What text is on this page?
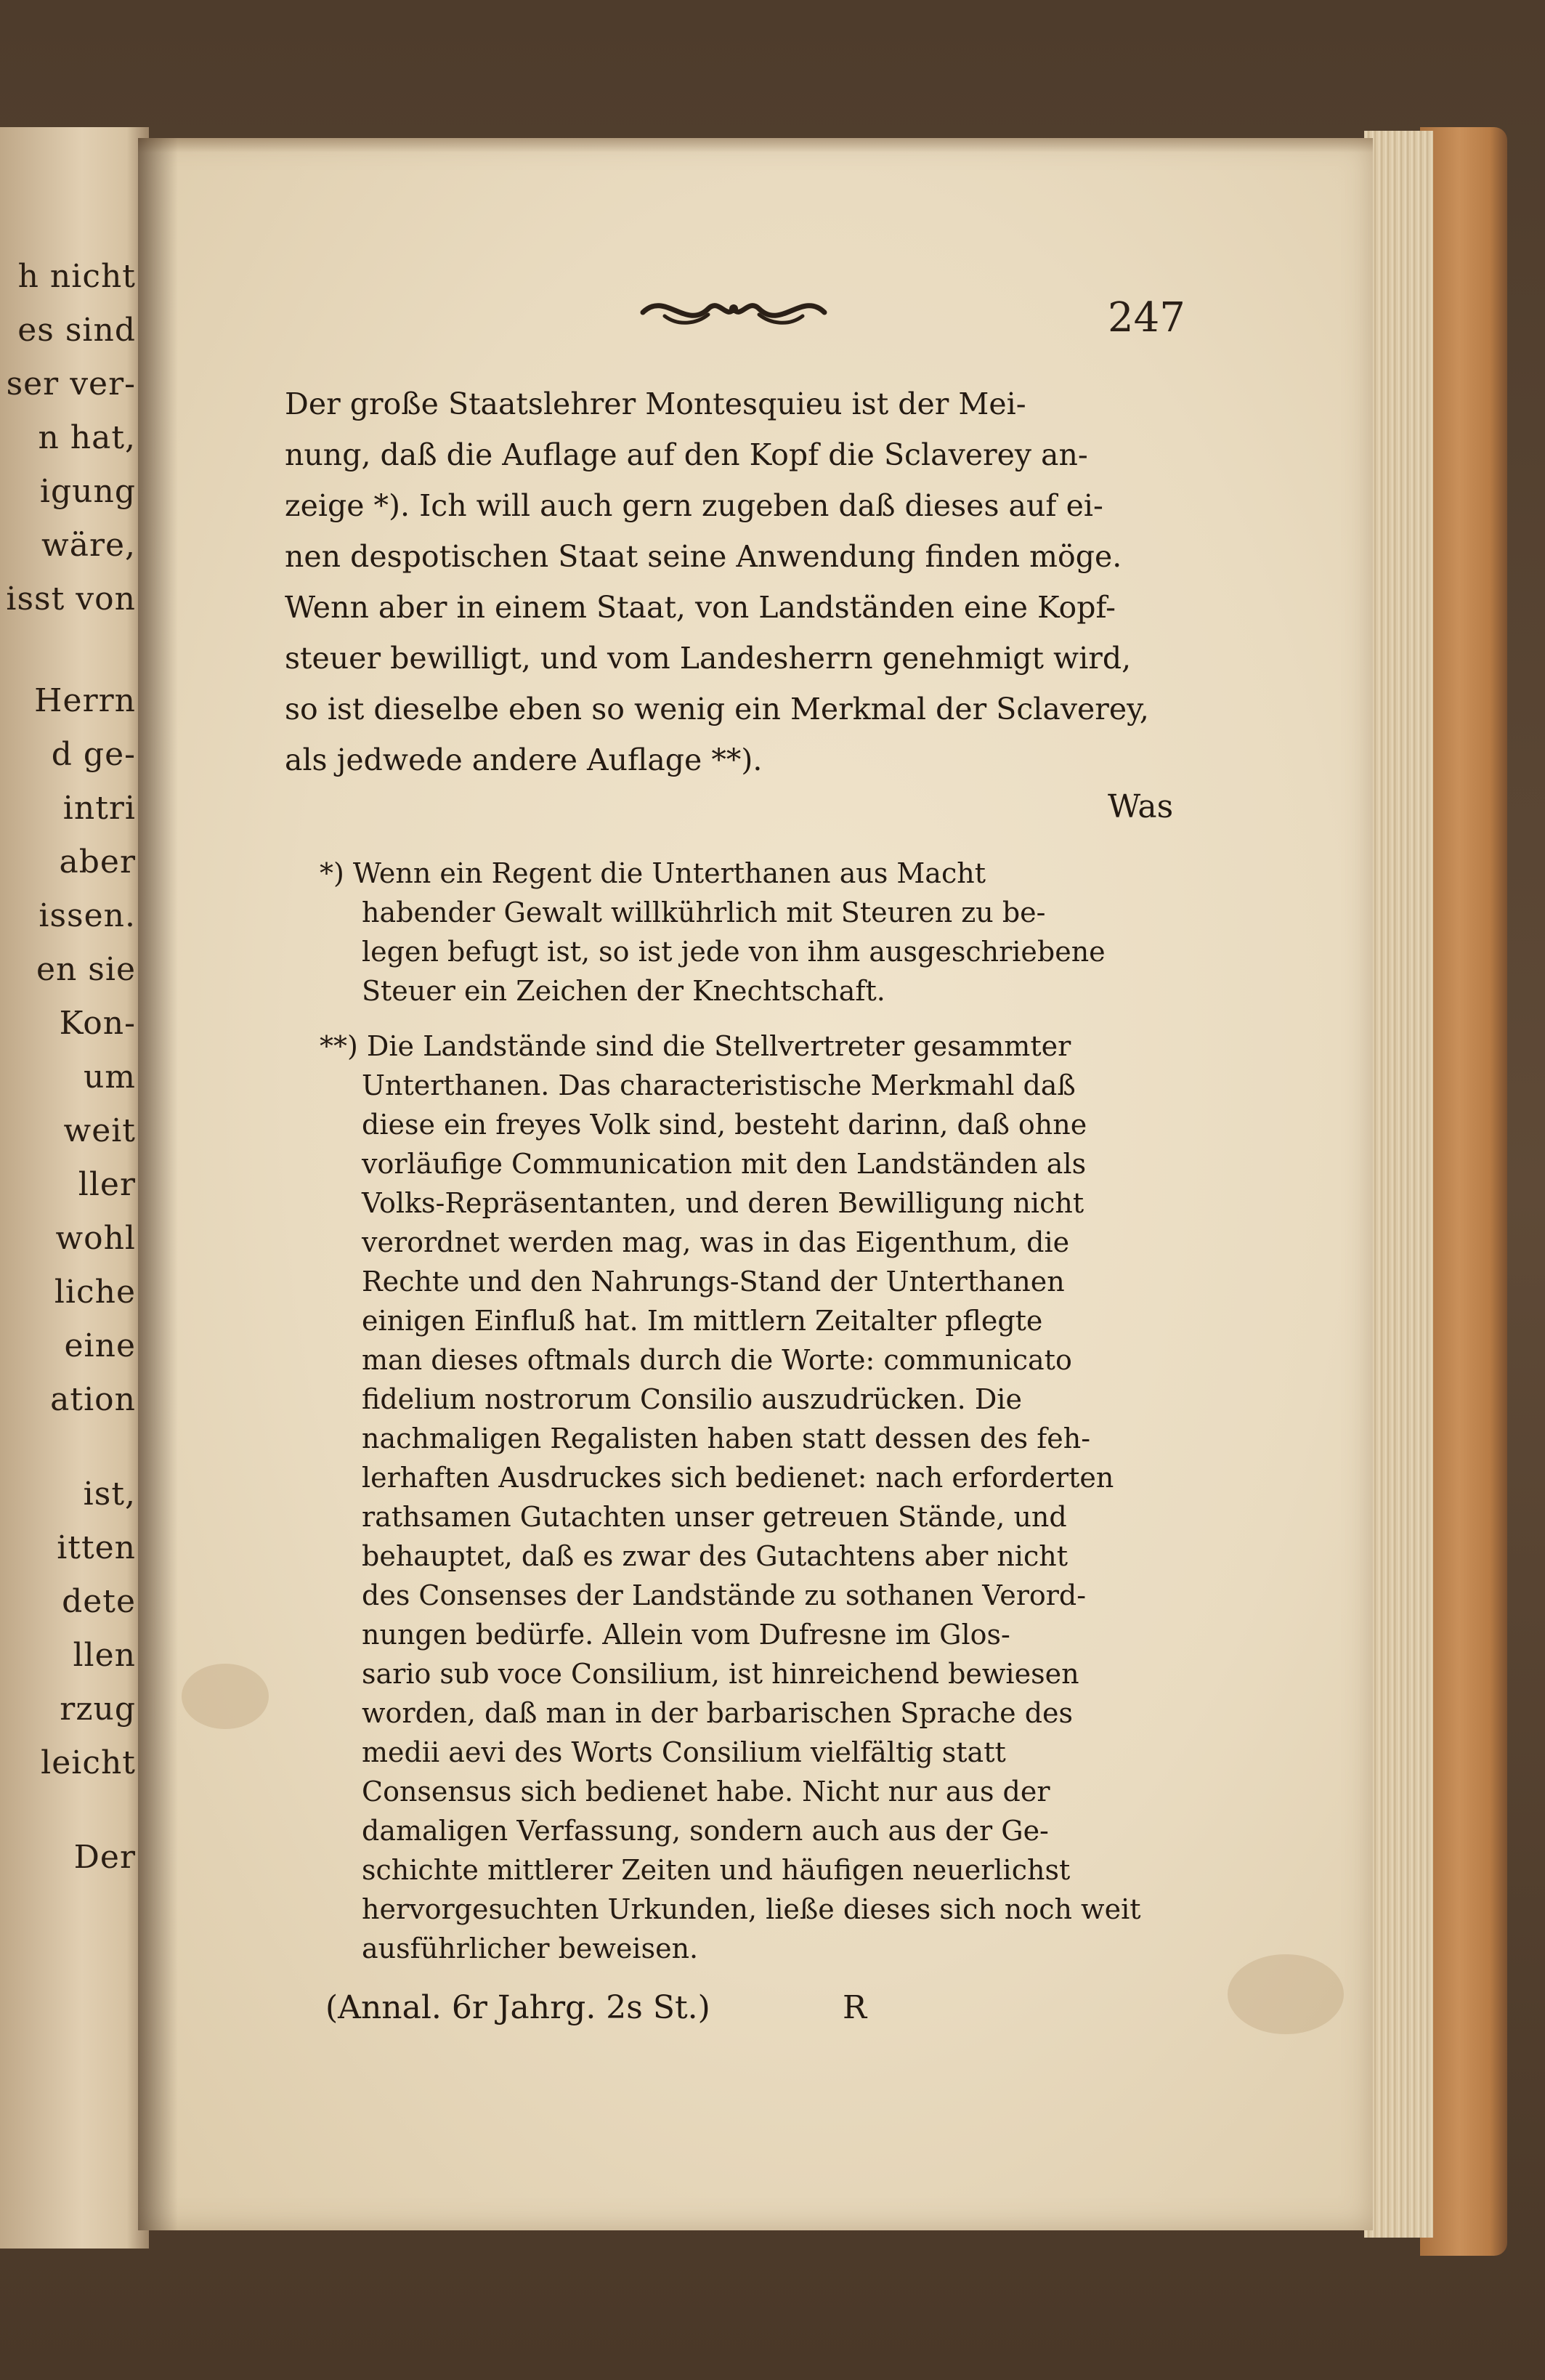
h nicht
es sind
ser ver-
n hat,
igung
wäre,
isst von
Herrn
d ge-
intri
aber
issen.
en sie
Kon-
um
weit
ller
wohl
liche
eine
ation
ist,
itten
dete
llen
rzug
leicht
Der
247
Der große Staatslehrer Montesquieu ist der Mei-
nung, daß die Auflage auf den Kopf die Sclaverey an-
zeige *). Ich will auch gern zugeben daß dieses auf ei-
nen despotischen Staat seine Anwendung finden möge.
Wenn aber in einem Staat, von Landständen eine Kopf-
steuer bewilligt, und vom Landesherrn genehmigt wird,
so ist dieselbe eben so wenig ein Merkmal der Sclaverey,
als jedwede andere Auflage **).
Was
*) Wenn ein Regent die Unterthanen aus Macht
habender Gewalt willkührlich mit Steuren zu be-
legen befugt ist, so ist jede von ihm ausgeschriebene
Steuer ein Zeichen der Knechtschaft.
**) Die Landstände sind die Stellvertreter gesammter
Unterthanen. Das characteristische Merkmahl daß
diese ein freyes Volk sind, besteht darinn, daß ohne
vorläufige Communication mit den Landständen als
Volks-Repräsentanten, und deren Bewilligung nicht
verordnet werden mag, was in das Eigenthum, die
Rechte und den Nahrungs-Stand der Unterthanen
einigen Einfluß hat. Im mittlern Zeitalter pflegte
man dieses oftmals durch die Worte: communicato
fidelium nostrorum Consilio auszudrücken. Die
nachmaligen Regalisten haben statt dessen des feh-
lerhaften Ausdruckes sich bedienet: nach erforderten
rathsamen Gutachten unser getreuen Stände, und
behauptet, daß es zwar des Gutachtens aber nicht
des Consenses der Landstände zu sothanen Verord-
nungen bedürfe. Allein vom Dufresne im Glos-
sario sub voce Consilium, ist hinreichend bewiesen
worden, daß man in der barbarischen Sprache des
medii aevi des Worts Consilium vielfältig statt
Consensus sich bedienet habe. Nicht nur aus der
damaligen Verfassung, sondern auch aus der Ge-
schichte mittlerer Zeiten und häufigen neuerlichst
hervorgesuchten Urkunden, ließe dieses sich noch weit
ausführlicher beweisen.
(Annal. 6r Jahrg. 2s St.)	R
